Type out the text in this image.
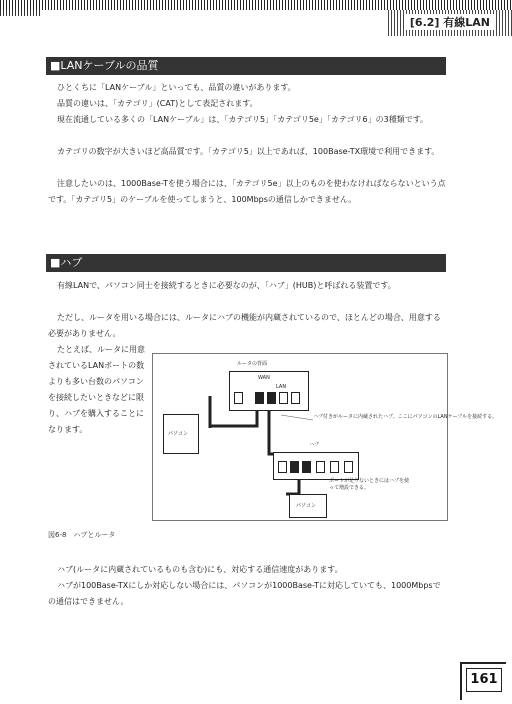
[6.2] 有線LAN
■LANケーブルの品質
ひとくちに「LANケーブル」といっても、品質の違いがあります。
品質の違いは、「カテゴリ」(CAT)として表記されます。
現在流通している多くの「LANケーブル」は、「カテゴリ5」「カテゴリ5e」「カテゴリ6」の3種類です。
カテゴリの数字が大きいほど高品質です。「カテゴリ5」以上であれば、100Base-TX環境で利用できます。
注意したいのは、1000Base-Tを使う場合には、「カテゴリ5e」以上のものを使わなければならないという点です。「カテゴリ5」のケーブルを使ってしまうと、100Mbpsの通信しかできません。
■ハブ
有線LANで、パソコン同士を接続するときに必要なのが、「ハブ」(HUB)と呼ばれる装置です。
ただし、ルータを用いる場合には、ルータにハブの機能が内蔵されているので、ほとんどの場合、用意する必要がありません。
たとえば、ルータに用意されているLANポートの数よりも多い台数のパソコンを接続したいときなどに限り、ハブを購入することになります。
ルータの背面
WAN
LAN
ハブ付きがルータに内蔵されたハブ。ここにパソコンのLANケーブルを接続する。
パソコン
ハブ
ポートが足りないときにはハブを使って増設できる。
パソコン
図6-8　ハブとルータ
ハブ(ルータに内蔵されているものも含む)にも、対応する通信速度があります。
ハブが100Base-TXにしか対応しない場合には、パソコンが1000Base-Tに対応していても、1000Mbpsでの通信はできません。
161
